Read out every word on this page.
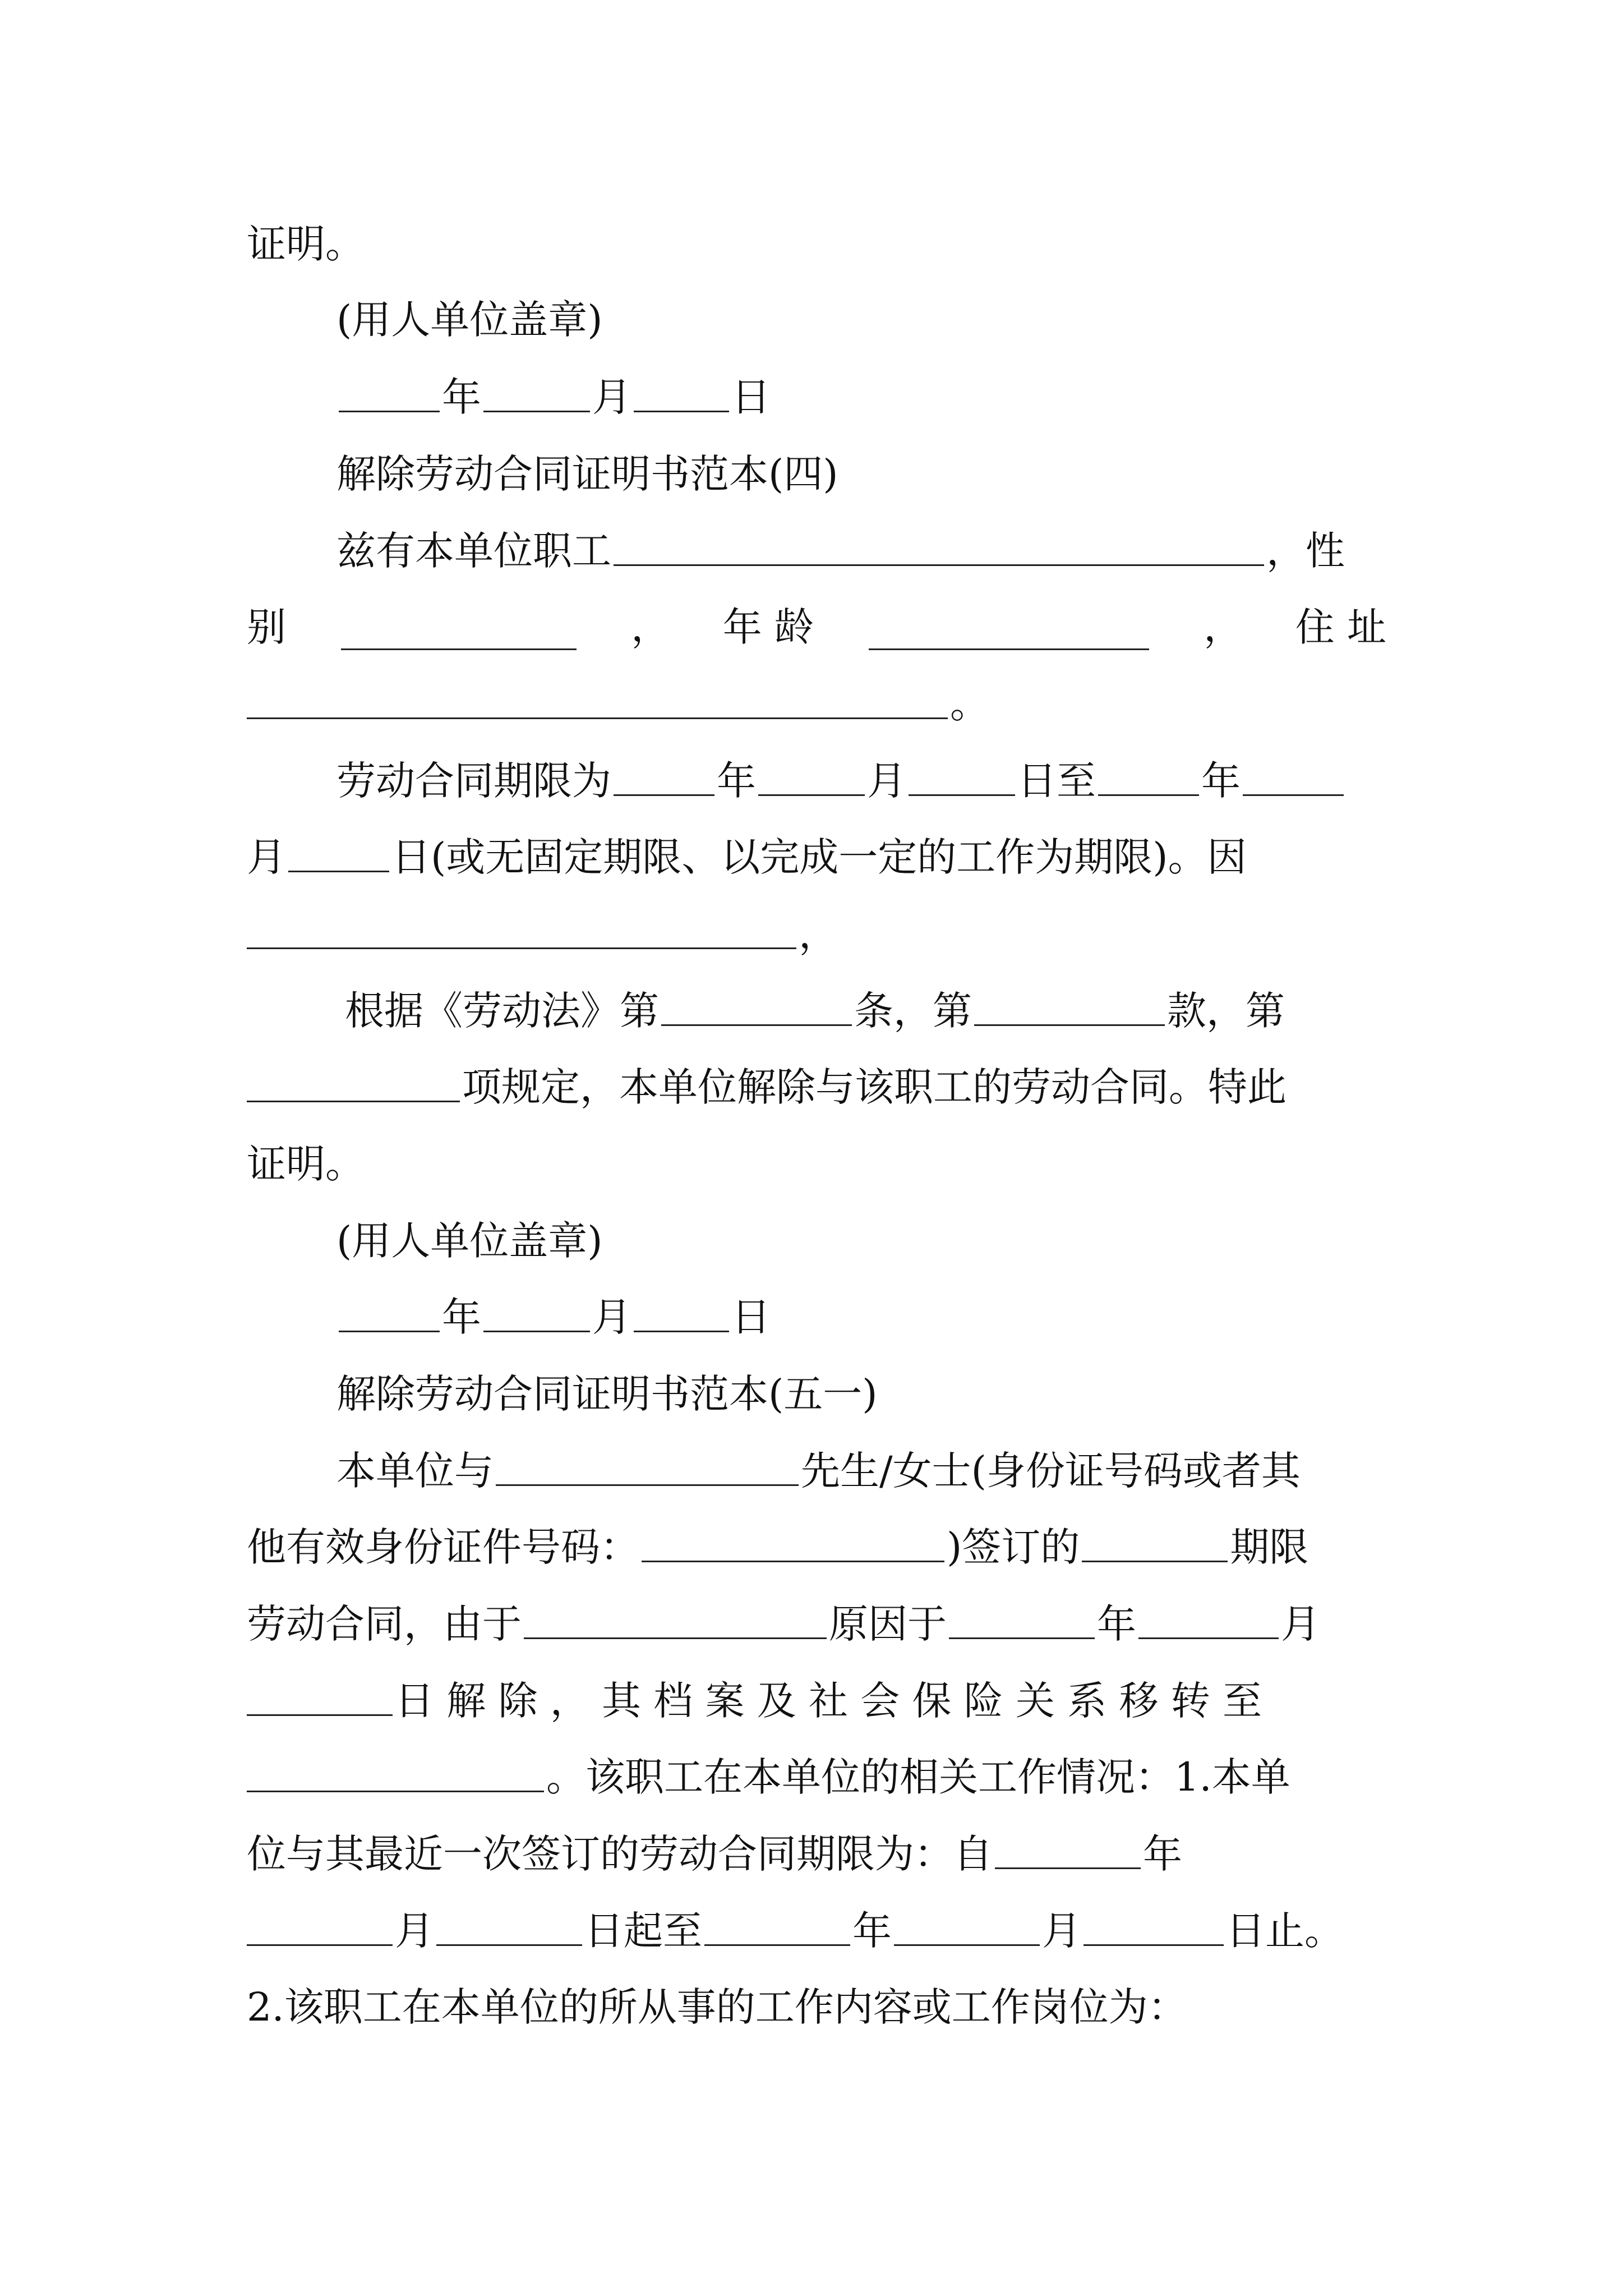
证明。
(用人单位盖章)
年	月	日
解除劳动合同证明书范本(四)
兹有本单位职工	，性
别	， 年 龄	， 住 址
。
劳动合同期限为	年	月	日至	年
月	日(或无固定期限、以完成一定的工作为期限)。因
，
根据《劳动法》第	条，第	款，第
项规定，本单位解除与该职工的劳动合同。特此
证明。
(用人单位盖章)
年	月	日
解除劳动合同证明书范本(五一)
本单位与	先生/女士(身份证号码或者其
他有效身份证件号码：	)签订的	期限
劳动合同，由于	原因于	年	月
日 解 除 ， 其 档 案 及 社 会 保 险 关 系 移 转 至
。该职工在本单位的相关工作情况：1.本单
位与其最近一次签订的劳动合同期限为：自	年
月	日起至	年	月	日止。
2.该职工在本单位的所从事的工作内容或工作岗位为：
